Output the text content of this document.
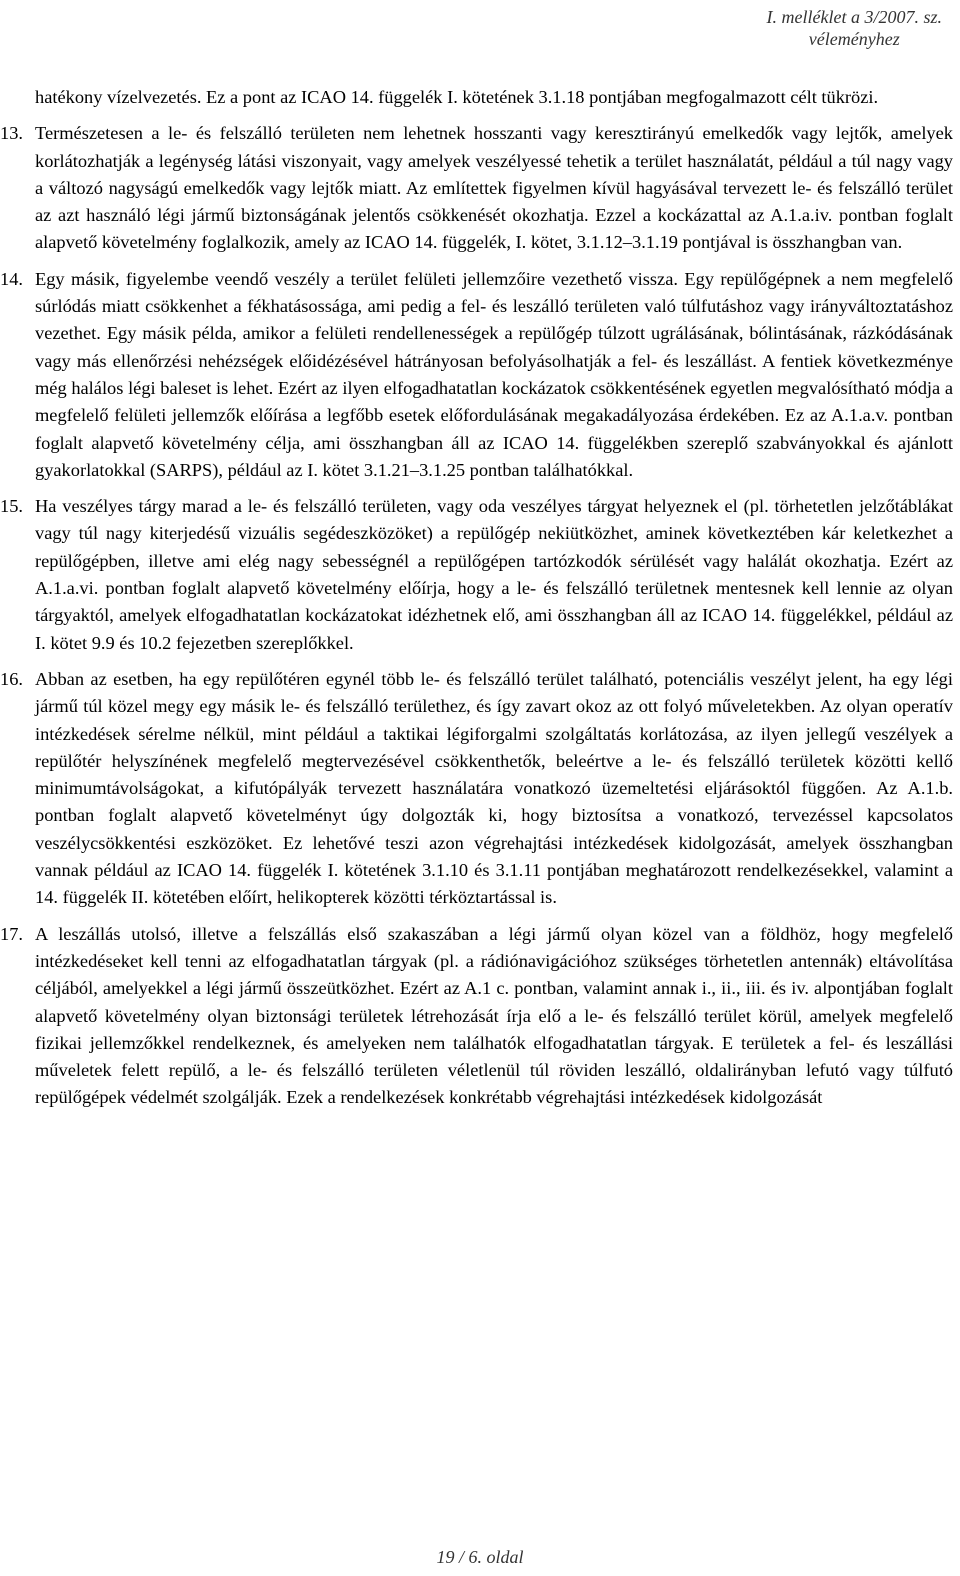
I. melléklet a 3/2007. sz.
véleményhez

hatékony vízelvezetés. Ez a pont az ICAO 14. függelék I. kötetének 3.1.18 pontjában megfogalmazott célt tükrözi.

13. Természetesen a le- és felszálló területen nem lehetnek hosszanti vagy keresztirányú emelkedők vagy lejtők, amelyek korlátozhatják a legénység látási viszonyait, vagy amelyek veszélyessé tehetik a terület használatát, például a túl nagy vagy a változó nagyságú emelkedők vagy lejtők miatt. Az említettek figyelmen kívül hagyásával tervezett le- és felszálló terület az azt használó légi jármű biztonságának jelentős csökkenését okozhatja. Ezzel a kockázattal az A.1.a.iv. pontban foglalt alapvető követelmény foglalkozik, amely az ICAO 14. függelék, I. kötet, 3.1.12–3.1.19 pontjával is összhangban van.
14. Egy másik, figyelembe veendő veszély a terület felületi jellemzőire vezethető vissza. Egy repülőgépnek a nem megfelelő súrlódás miatt csökkenhet a fékhatásossága, ami pedig a fel- és leszálló területen való túlfutáshoz vagy irányváltoztatáshoz vezethet. Egy másik példa, amikor a felületi rendellenességek a repülőgép túlzott ugrálásának, bólintásának, rázkódásának vagy más ellenőrzési nehézségek előidézésével hátrányosan befolyásolhatják a fel- és leszállást. A fentiek következménye még halálos légi baleset is lehet. Ezért az ilyen elfogadhatatlan kockázatok csökkentésének egyetlen megvalósítható módja a megfelelő felületi jellemzők előírása a legfőbb esetek előfordulásának megakadályozása érdekében. Ez az A.1.a.v. pontban foglalt alapvető követelmény célja, ami összhangban áll az ICAO 14. függelékben szereplő szabványokkal és ajánlott gyakorlatokkal (SARPS), például az I. kötet 3.1.21–3.1.25 pontban találhatókkal.
15. Ha veszélyes tárgy marad a le- és felszálló területen, vagy oda veszélyes tárgyat helyeznek el (pl. törhetetlen jelzőtáblákat vagy túl nagy kiterjedésű vizuális segédeszközöket) a repülőgép nekiütközhet, aminek következtében kár keletkezhet a repülőgépben, illetve ami elég nagy sebességnél a repülőgépen tartózkodók sérülését vagy halálát okozhatja. Ezért az A.1.a.vi. pontban foglalt alapvető követelmény előírja, hogy a le- és felszálló területnek mentesnek kell lennie az olyan tárgyaktól, amelyek elfogadhatatlan kockázatokat idézhetnek elő, ami összhangban áll az ICAO 14. függelékkel, például az I. kötet 9.9 és 10.2 fejezetben szereplőkkel.
16. Abban az esetben, ha egy repülőtéren egynél több le- és felszálló terület található, potenciális veszélyt jelent, ha egy légi jármű túl közel megy egy másik le- és felszálló területhez, és így zavart okoz az ott folyó műveletekben. Az olyan operatív intézkedések sérelme nélkül, mint például a taktikai légiforgalmi szolgáltatás korlátozása, az ilyen jellegű veszélyek a repülőtér helyszínének megfelelő megtervezésével csökkenthetők, beleértve a le- és felszálló területek közötti kellő minimumtávolságokat, a kifutópályák tervezett használatára vonatkozó üzemeltetési eljárásoktól függően. Az A.1.b. pontban foglalt alapvető követelményt úgy dolgozták ki, hogy biztosítsa a vonatkozó, tervezéssel kapcsolatos veszélycsökkentési eszközöket. Ez lehetővé teszi azon végrehajtási intézkedések kidolgozását, amelyek összhangban vannak például az ICAO 14. függelék I. kötetének 3.1.10 és 3.1.11 pontjában meghatározott rendelkezésekkel, valamint a 14. függelék II. kötetében előírt, helikopterek közötti térköztartással is.
17. A leszállás utolsó, illetve a felszállás első szakaszában a légi jármű olyan közel van a földhöz, hogy megfelelő intézkedéseket kell tenni az elfogadhatatlan tárgyak (pl. a rádiónavigációhoz szükséges törhetetlen antennák) eltávolítása céljából, amelyekkel a légi jármű összeütközhet. Ezért az A.1 c. pontban, valamint annak i., ii., iii. és iv. alpontjában foglalt alapvető követelmény olyan biztonsági területek létrehozását írja elő a le- és felszálló terület körül, amelyek megfelelő fizikai jellemzőkkel rendelkeznek, és amelyeken nem találhatók elfogadhatatlan tárgyak. E területek a fel- és leszállási műveletek felett repülő, a le- és felszálló területen véletlenül túl röviden leszálló, oldalirányban lefutó vagy túlfutó repülőgépek védelmét szolgálják. Ezek a rendelkezések konkrétabb végrehajtási intézkedések kidolgozását
19 / 6. oldal
